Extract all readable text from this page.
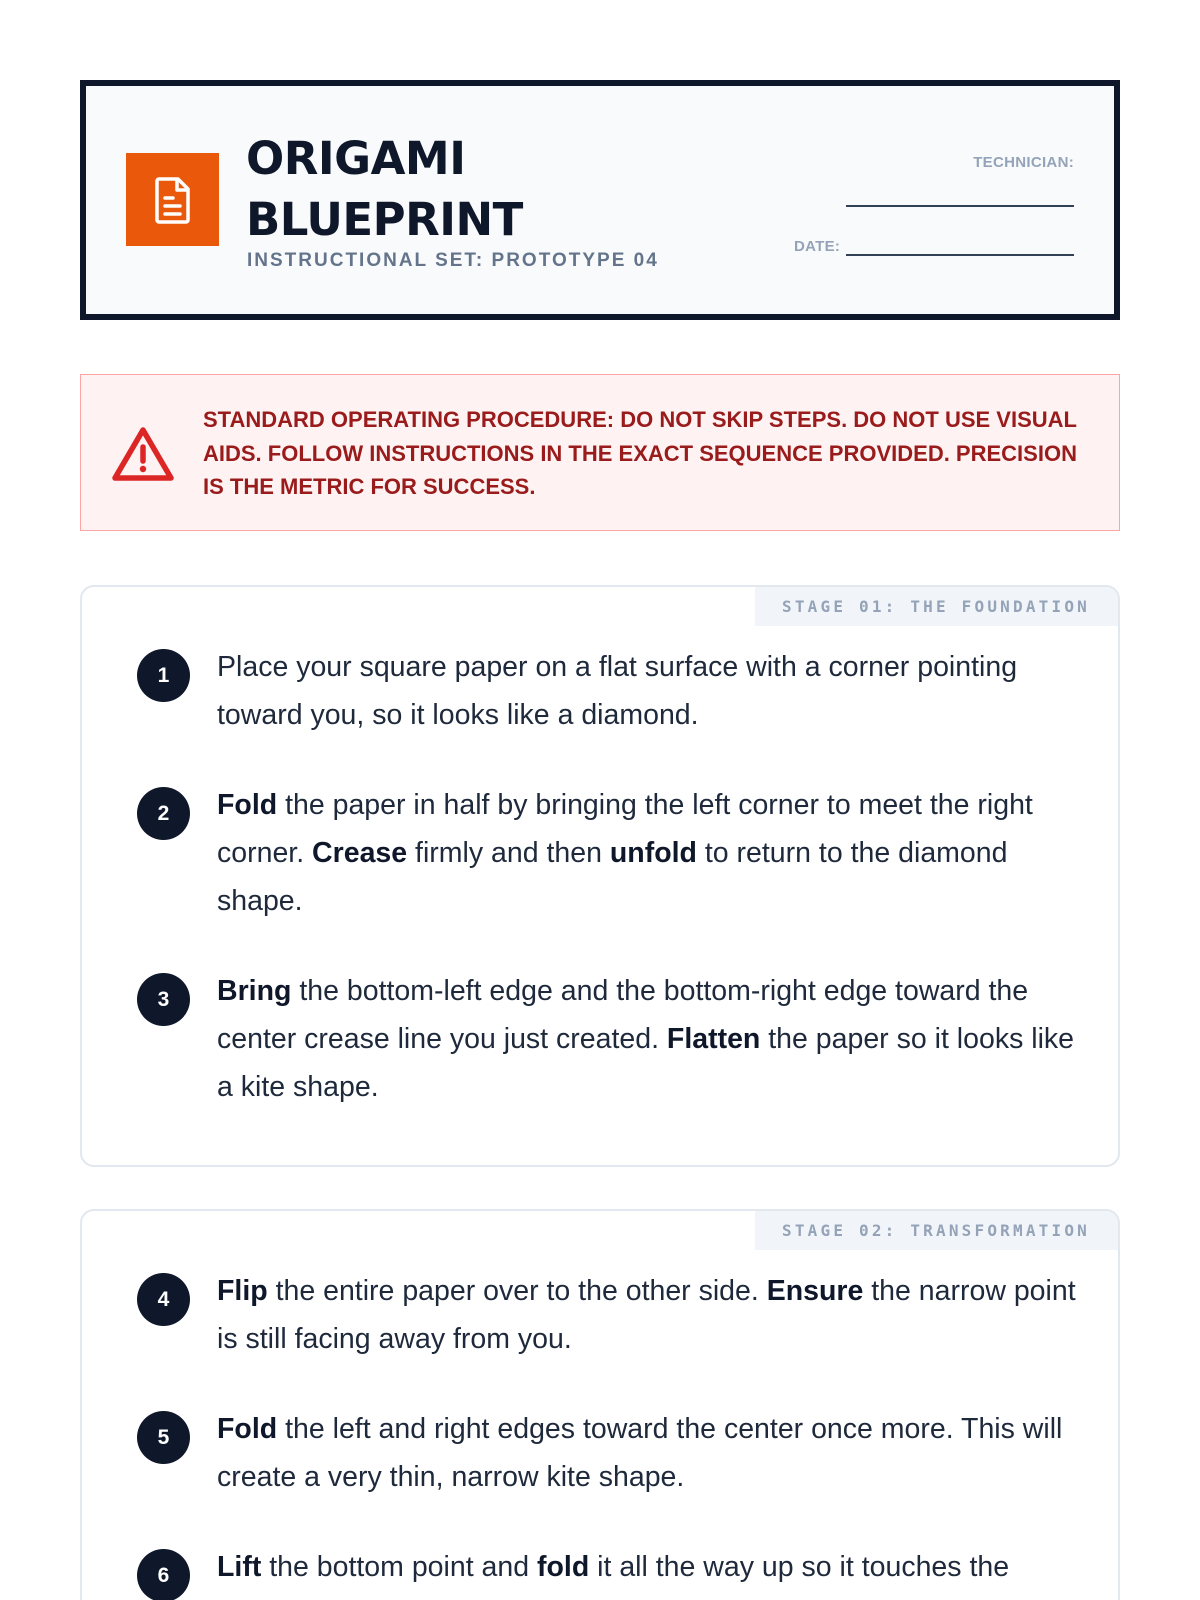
ORIGAMI
BLUEPRINT
INSTRUCTIONAL SET: PROTOTYPE 04
TECHNICIAN:
DATE:
STANDARD OPERATING PROCEDURE: DO NOT SKIP STEPS. DO NOT USE VISUAL AIDS. FOLLOW INSTRUCTIONS IN THE EXACT SEQUENCE PROVIDED. PRECISION IS THE METRIC FOR SUCCESS.
STAGE 01: THE FOUNDATION
1	Place your square paper on a flat surface with a corner pointing toward you, so it looks like a diamond.
2	Fold the paper in half by bringing the left corner to meet the right corner. Crease firmly and then unfold to return to the diamond shape.
3	Bring the bottom-left edge and the bottom-right edge toward the center crease line you just created. Flatten the paper so it looks like a kite shape.
STAGE 02: TRANSFORMATION
4	Flip the entire paper over to the other side. Ensure the narrow point is still facing away from you.
5	Fold the left and right edges toward the center once more. This will create a very thin, narrow kite shape.
6	Lift the bottom point and fold it all the way up so it touches the
